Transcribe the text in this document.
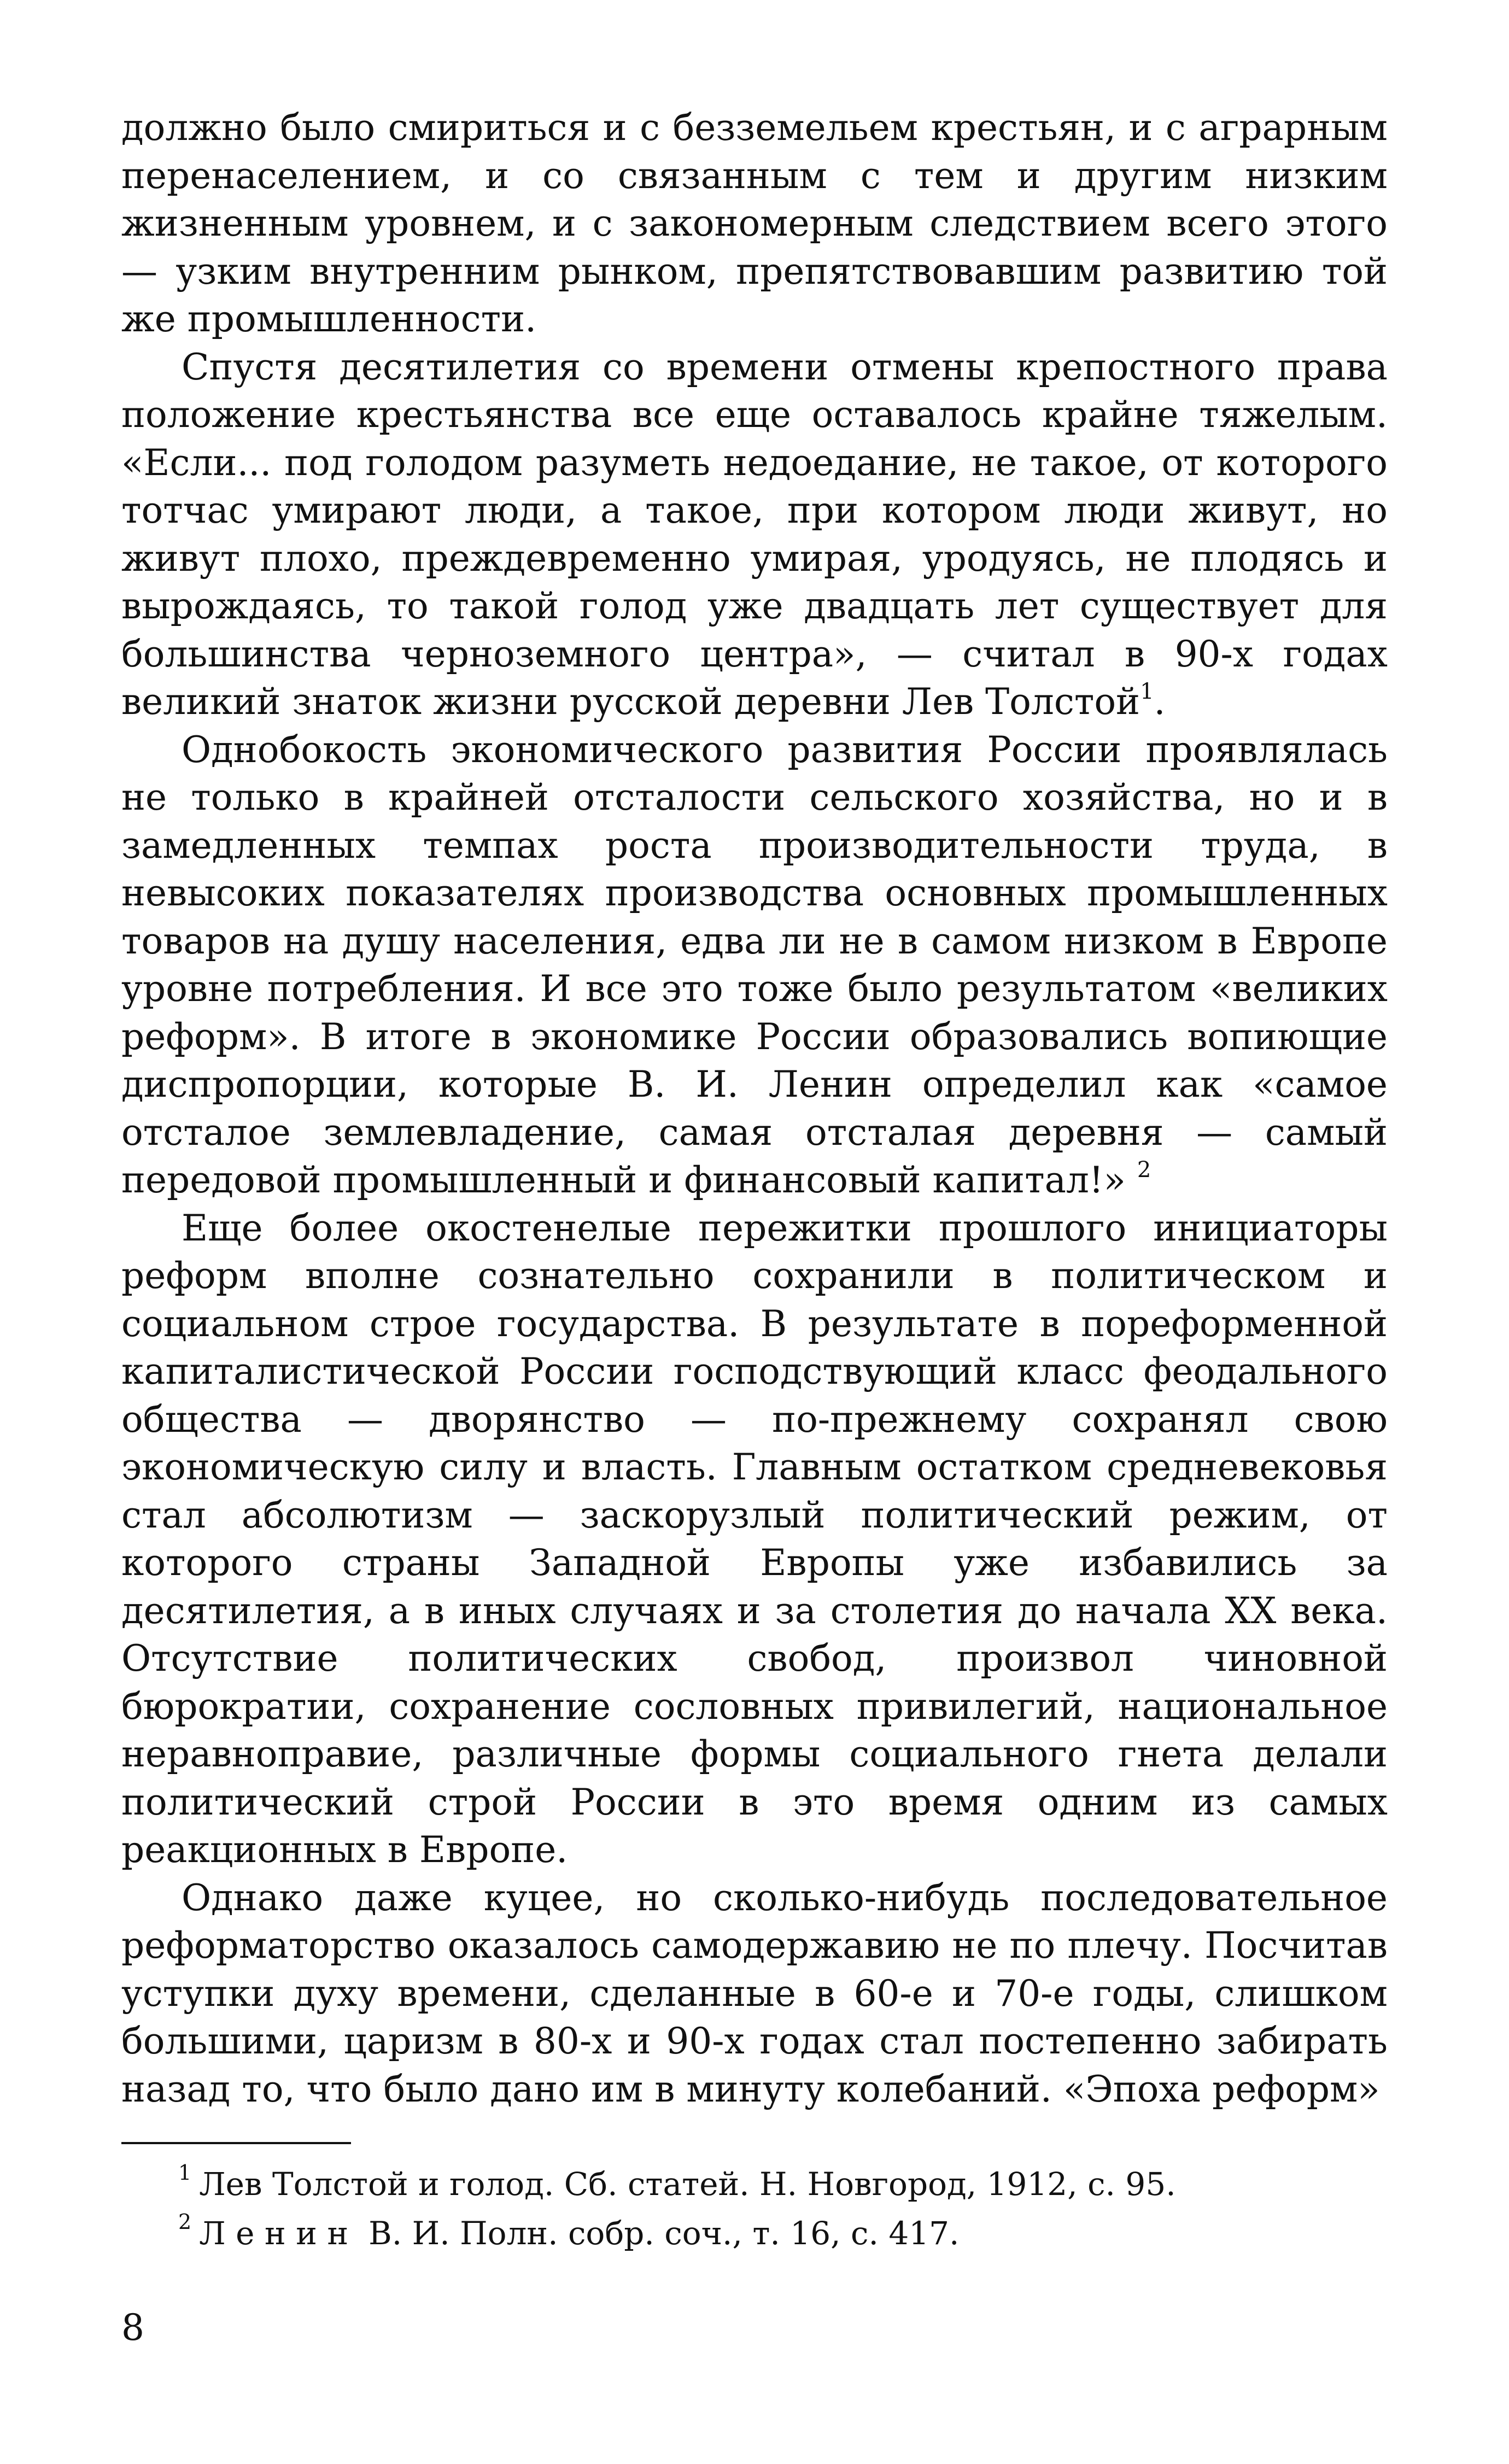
должно было смириться и с безземельем крестьян, и с аграрным перенаселением, и со связанным с тем и другим низким жизненным уровнем, и с закономерным следствием всего этого — узким внутренним рынком, препятствовавшим развитию той же промышленности.

Спустя десятилетия со времени отмены крепостного права положение крестьянства все еще оставалось крайне тяжелым. «Если... под голодом разуметь недоедание, не такое, от которого тотчас умирают люди, а такое, при котором люди живут, но живут плохо, преждевременно умирая, уродуясь, не плодясь и вырождаясь, то такой голод уже двадцать лет существует для большинства черноземного центра», — считал в 90-х годах великий знаток жизни русской деревни Лев Толстой$^1$.

Однобокость экономического развития России проявлялась не только в крайней отсталости сельского хозяйства, но и в замедленных темпах роста производительности труда, в невысоких показателях производства основных промышленных товаров на душу населения, едва ли не в самом низком в Европе уровне потребления. И все это тоже было результатом «великих реформ». В итоге в экономике России образовались вопиющие диспропорции, которые В. И. Ленин определил как «самое отсталое землевладение, самая отсталая деревня — самый передовой промышленный и финансовый капитал!» $^2$

Еще более окостенелые пережитки прошлого инициаторы реформ вполне сознательно сохранили в политическом и социальном строе государства. В результате в пореформенной капиталистической России господствующий класс феодального общества — дворянство — по-прежнему сохранял свою экономическую силу и власть. Главным остатком средневековья стал абсолютизм — заскорузлый политический режим, от которого страны Западной Европы уже избавились за десятилетия, а в иных случаях и за столетия до начала XX века. Отсутствие политических свобод, произвол чиновной бюрократии, сохранение сословных привилегий, национальное неравноправие, различные формы социального гнета делали политический строй России в это время одним из самых реакционных в Европе.

Однако даже куцее, но сколько-нибудь последовательное реформаторство оказалось самодержавию не по плечу. Посчитав уступки духу времени, сделанные в 60-е и 70-е годы, слишком большими, царизм в 80-х и 90-х годах стал постепенно забирать назад то, что было дано им в минуту колебаний. «Эпоха реформ»

$^1$ Лев Толстой и голод. Сб. статей. Н. Новгород, 1912, с. 95.

$^2$ Ленин В. И. Полн. собр. соч., т. 16, с. 417.

8
